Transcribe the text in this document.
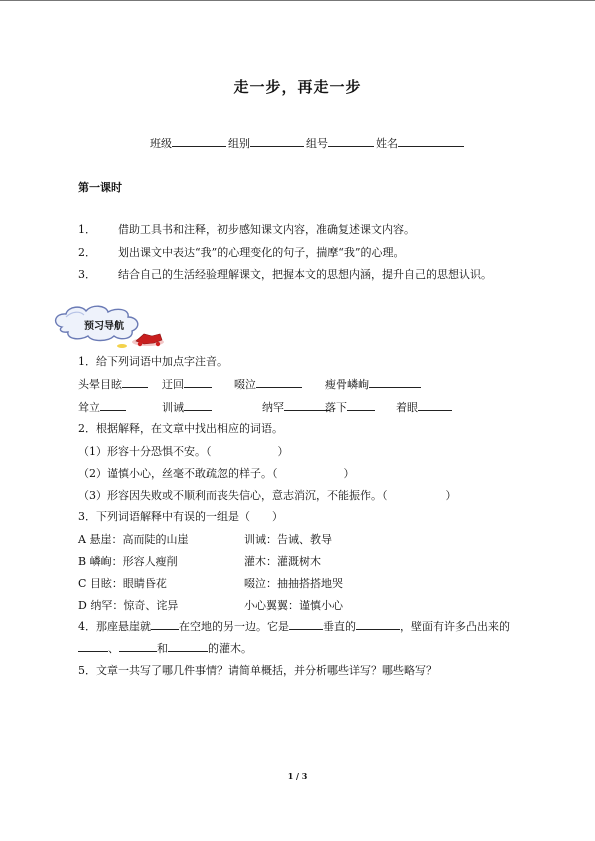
走一步，再走一步
班级	组别	组号	姓名
第一课时
1． 借助工具书和注释，初步感知课文内容，准确复述课文内容。
2． 划出课文中表达“我”的心理变化的句子，揣摩“我”的心理。
3． 结合自己的生活经验理解课文，把握本文的思想内涵，提升自己的思想认识。
预习导航
1．给下列词语中加点字注音。
头晕目眩	迂回	啜泣	瘦骨嶙峋
耸立	训诫	纳罕	落下	着眼
2．根据解释，在文章中找出相应的词语。
（1）形容十分恐惧不安。（	）
（2）谨慎小心，丝毫不敢疏忽的样子。（	）
（3）形容因失败或不顺利而丧失信心，意志消沉，不能振作。（	）
3．下列词语解释中有误的一组是（　　）
A 悬崖：高而陡的山崖	训诫：告诫、教导
B 嶙峋：形容人瘦削	灌木：灌溉树木
C 目眩：眼睛昏花	啜泣：抽抽搭搭地哭
D 纳罕：惊奇、诧异	小心翼翼：谨慎小心
4．那座悬崖就	在空地的另一边。它是	垂直的	，壁面有许多凸出来的
、	和	的灌木。
5．文章一共写了哪几件事情？请简单概括，并分析哪些详写？哪些略写？
1 / 3
